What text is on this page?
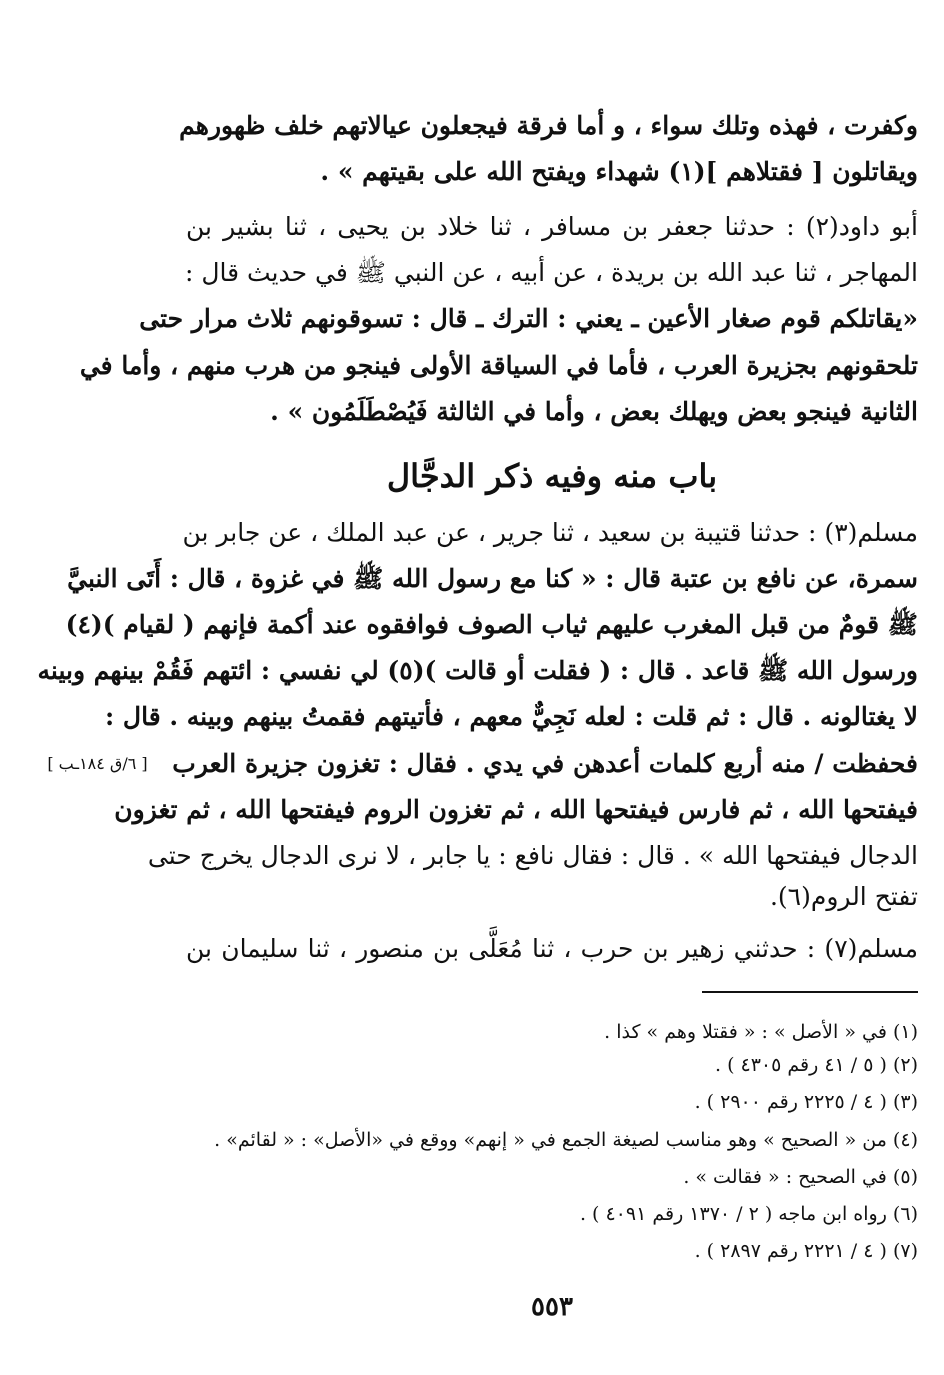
وكفرت ، فهذه وتلك سواء ، و أما فرقة فيجعلون عيالاتهم خلف ظهورهم
ويقاتلون [ فقتلاهم ](١) شهداء ويفتح الله على بقيتهم » .
أبو داود(٢) : حدثنا جعفر بن مسافر ، ثنا خلاد بن يحيى ، ثنا بشير بن
المهاجر ، ثنا عبد الله بن بريدة ، عن أبيه ، عن النبي ﷺ في حديث قال :
«يقاتلكم قوم صغار الأعين ـ يعني : الترك ـ قال : تسوقونهم ثلاث مرار حتى
تلحقونهم بجزيرة العرب ، فأما في السياقة الأولى فينجو من هرب منهم ، وأما في
الثانية فينجو بعض ويهلك بعض ، وأما في الثالثة فَيُصْطَلَمُون » .
باب منه وفيه ذكر الدجَّال
مسلم(٣) : حدثنا قتيبة بن سعيد ، ثنا جرير ، عن عبد الملك ، عن جابر بن
سمرة، عن نافع بن عتبة قال : « كنا مع رسول الله ﷺ في غزوة ، قال : أَتَى النبيَّ
ﷺ قومٌ من قبل المغرب عليهم ثياب الصوف فوافقوه عند أكمة فإنهم ( لقيام )(٤)
ورسول الله ﷺ قاعد . قال : ( فقلت أو قالت )(٥) لي نفسي : ائتهم فَقُمْ بينهم وبينه
لا يغتالونه . قال : ثم قلت : لعله نَجِيٌّ معهم ، فأتيتهم فقمتُ بينهم وبينه . قال :
فحفظت / منه أربع كلمات أعدهن في يدي . فقال : تغزون جزيرة العرب
فيفتحها الله ، ثم فارس فيفتحها الله ، ثم تغزون الروم فيفتحها الله ، ثم تغزون
الدجال فيفتحها الله » . قال : فقال نافع : يا جابر ، لا نرى الدجال يخرج حتى
تفتح الروم(٦).
مسلم(٧) : حدثني زهير بن حرب ، ثنا مُعَلَّى بن منصور ، ثنا سليمان بن
[ ٦/ق ١٨٤ـب ]
(١) في « الأصل » : « فقتلا وهم » كذا .
(٢) ( ٥ / ٤١ رقم ٤٣٠٥ ) .
(٣) ( ٤ / ٢٢٢٥ رقم ٢٩٠٠ ) .
(٤) من « الصحيح » وهو مناسب لصيغة الجمع في « إنهم» ووقع في «الأصل» : « لقائم» .
(٥) في الصحيح : « فقالت » .
(٦) رواه ابن ماجه ( ٢ / ١٣٧٠ رقم ٤٠٩١ ) .
(٧) ( ٤ / ٢٢٢١ رقم ٢٨٩٧ ) .
٥٥٣
